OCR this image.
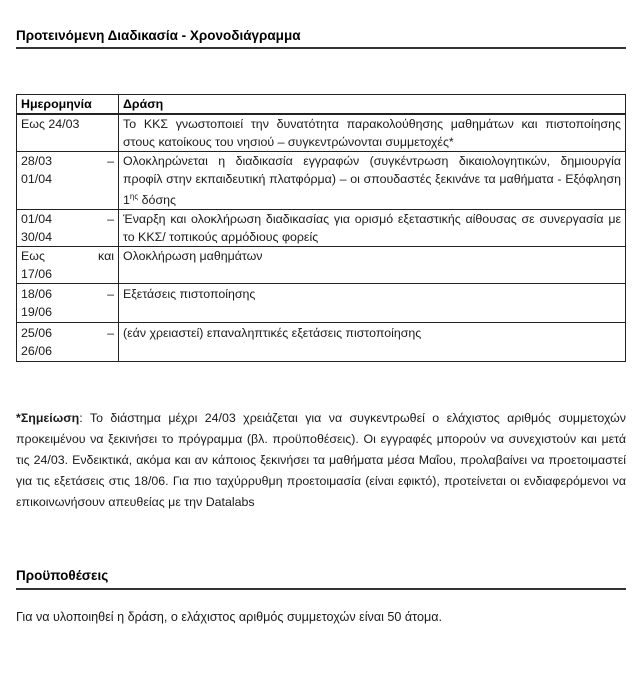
Προτεινόμενη Διαδικασία - Χρονοδιάγραμμα
Ημερομηνία	Δράση
Εως 24/03	Το ΚΚΣ γνωστοποιεί την δυνατότητα παρακολούθησης μαθημάτων και πιστοποίησης στους κατοίκους του νησιού – συγκεντρώνονται συμμετοχές*

28/03 –
01/04	Ολοκληρώνεται η διαδικασία εγγραφών (συγκέντρωση δικαιολογητικών, δημιουργία προφίλ στην εκπαιδευτική πλατφόρμα) – οι σπουδαστές ξεκινάνε τα μαθήματα - Εξόφληση $1^{\eta\varsigma}$ δόσης

01/04 –
30/04	Έναρξη και ολοκλήρωση διαδικασίας για ορισμό εξεταστικής αίθουσας σε συνεργασία με το ΚΚΣ/ τοπικούς αρμόδιους φορείς

Εως και
17/06	Ολοκλήρωση μαθημάτων

18/06 –
19/06	Εξετάσεις πιστοποίησης

25/06 –
26/06	(εάν χρειαστεί) επαναληπτικές εξετάσεις πιστοποίησης
*Σημείωση: Το διάστημα μέχρι 24/03 χρειάζεται για να συγκεντρωθεί ο ελάχιστος αριθμός συμμετοχών προκειμένου να ξεκινήσει το πρόγραμμα (βλ. προϋποθέσεις). Οι εγγραφές μπορούν να συνεχιστούν και μετά τις 24/03. Ενδεικτικά, ακόμα και αν κάποιος ξεκινήσει τα μαθήματα μέσα Μαΐου, προλαβαίνει να προετοιμαστεί για τις εξετάσεις στις 18/06. Για πιο ταχύρρυθμη προετοιμασία (είναι εφικτό), προτείνεται οι ενδιαφερόμενοι να επικοινωνήσουν απευθείας με την Datalabs
Προϋποθέσεις
Για να υλοποιηθεί η δράση, ο ελάχιστος αριθμός συμμετοχών είναι 50 άτομα.
